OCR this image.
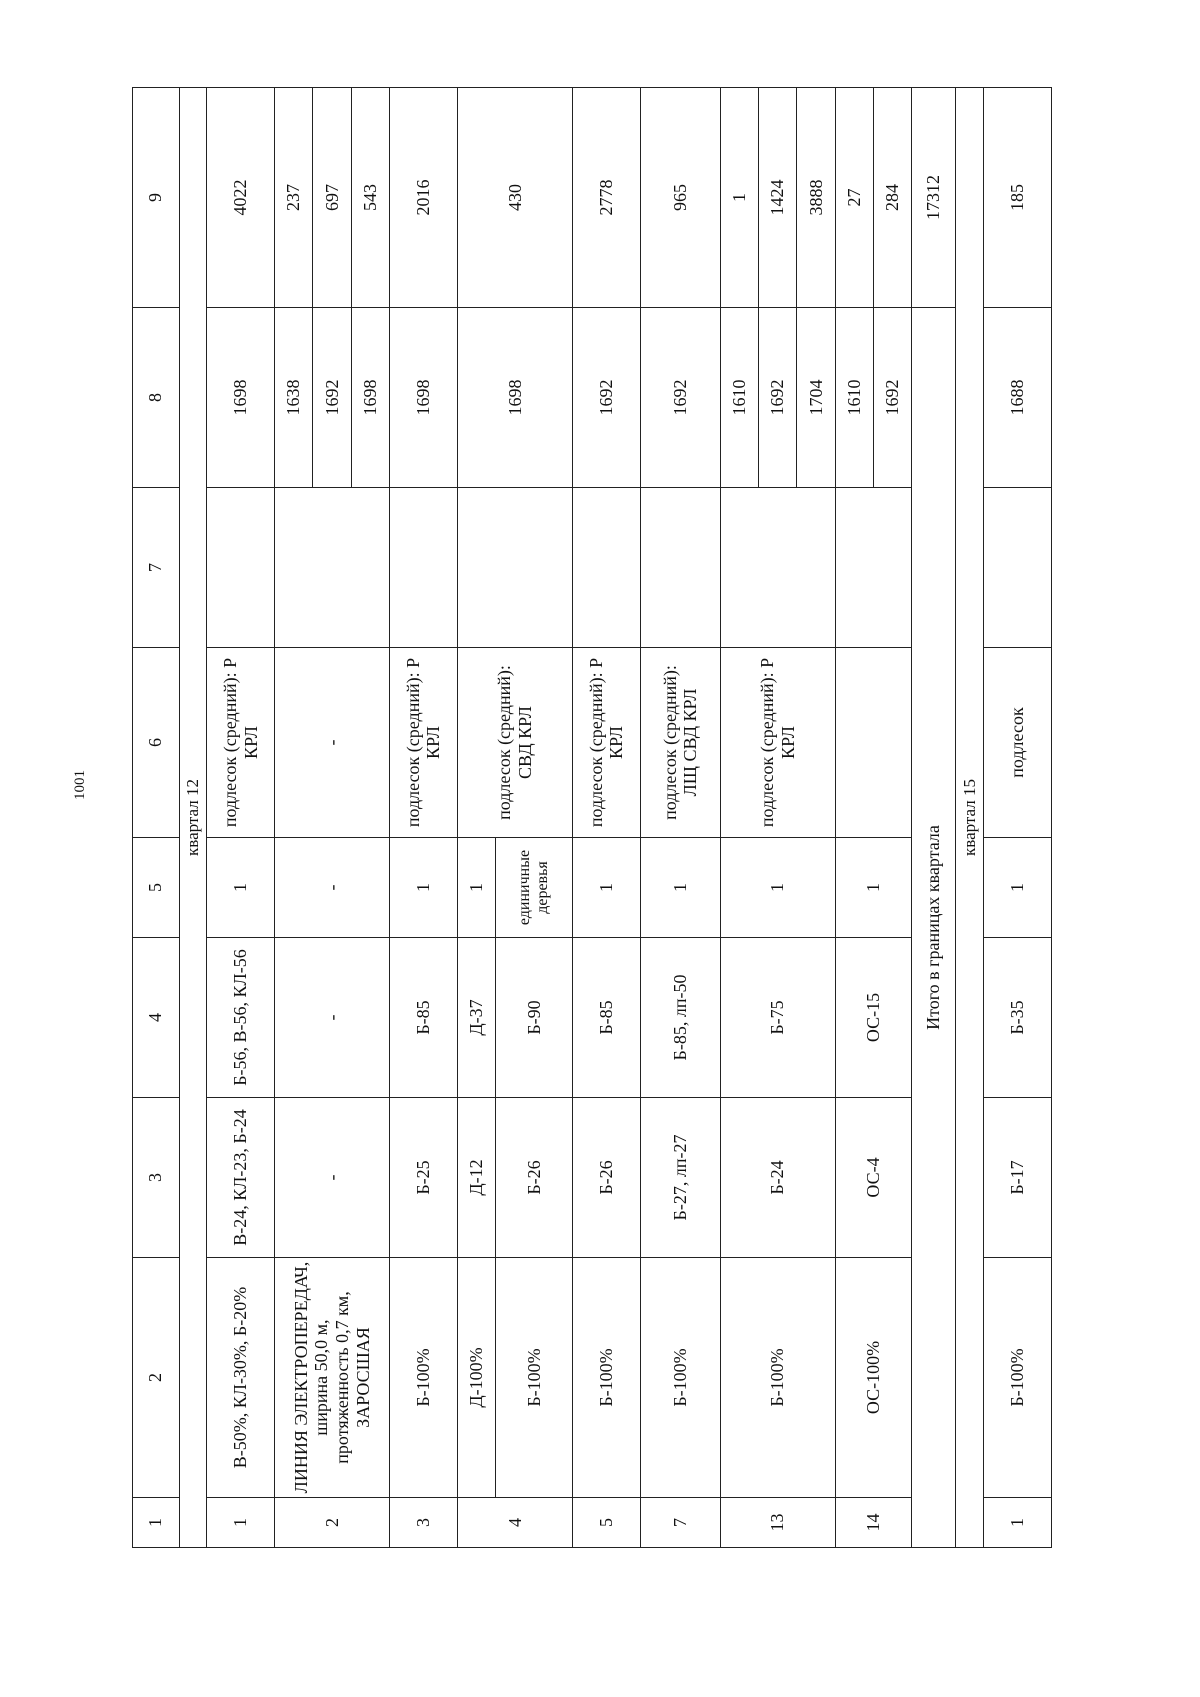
1001
1	2	3	4	5	6	7	8	9
квартал 12								
1	В-50%, КЛ-30%, Б-20%	В-24, КЛ-23, Б-24	Б-56, В-56, КЛ-56	1	подлесок (средний): Р КРЛ		1698	4022
2	ЛИНИЯ ЭЛЕКТРОПЕРЕДАЧ, ширина 50,0 м, протяженность 0,7 км, ЗАРОСШАЯ	-	-	-	-		1638	237
							1692	697
							1698	543
3	Б-100%	Б-25	Б-85	1	подлесок (средний): Р КРЛ		1698	2016
4	Д-100%	Д-12	Д-37	1	подлесок (средний): СВД КРЛ		1698	430
	Б-100%	Б-26	Б-90	единичные деревья				
5	Б-100%	Б-26	Б-85	1	подлесок (средний): Р КРЛ		1692	2778
7	Б-100%	Б-27, лп-27	Б-85, лп-50	1	подлесок (средний): ЛЩ СВД КРЛ		1692	965
13	Б-100%	Б-24	Б-75	1	подлесок (средний): Р КРЛ		1610	1
							1692	1424
							1704	3888
14	ОС-100%	ОС-4	ОС-15	1			1610	27
							1692	284
Итого в границах квартала								17312
квартал 15								
1	Б-100%	Б-17	Б-35	1	подлесок		1688	185
